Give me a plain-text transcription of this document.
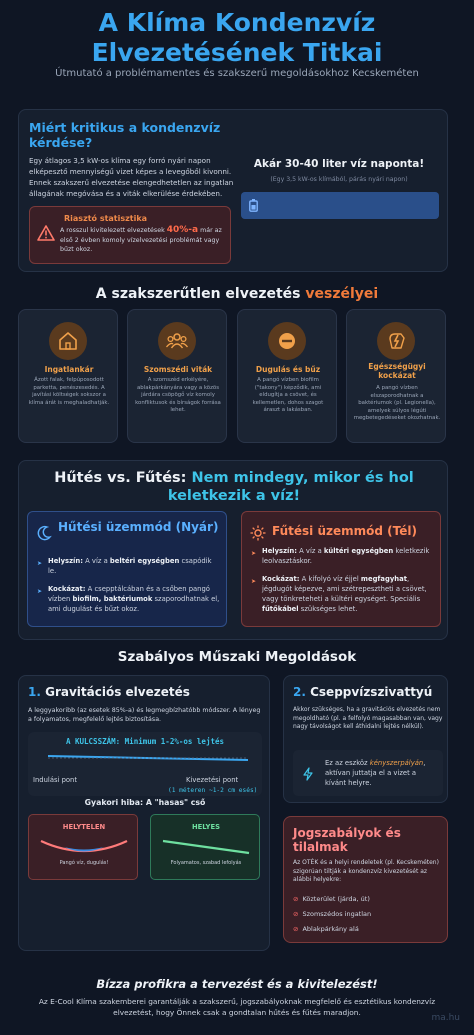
A Klíma Kondenzvíz Elvezetésének Titkai
Útmutató a problémamentes és szakszerű megoldásokhoz Kecskeméten
Miért kritikus a kondenzvíz kérdése?
Egy átlagos 3,5 kW-os klíma egy forró nyári napon elképesztő mennyiségű vizet képes a levegőből kivonni. Ennek szakszerű elvezetése elengedhetetlen az ingatlan állagának megóvása és a viták elkerülése érdekében.
Riasztó statisztika
A rosszul kivitelezett elvezetések 40%-a már az első 2 évben komoly vízelvezetési problémát vagy bűzt okoz.
Akár 30-40 liter víz naponta!
(Egy 3,5 kW-os klímából, párás nyári napon)
A szakszerűtlen elvezetés veszélyei
Ingatlankár
Ázott falak, felpúposodott parketta, penészesedés. A javítási költségek sokszor a klíma árát is meghaladhatják.
Szomszédi viták
A szomszéd erkélyére, ablakpárkányára vagy a közös járdára csöpögő víz komoly konfliktusok és bírságok forrása lehet.
Dugulás és bűz
A pangó vízben biofilm ("takony") képződik, ami eldugítja a csövet, és kellemetlen, dohos szagot áraszt a lakásban.
Egészségügyi kockázat
A pangó vízben elszaporodhatnak a baktériumok (pl. Legionella), amelyek súlyos légúti megbetegedéseket okozhatnak.
Hűtés vs. Fűtés: Nem mindegy, mikor és hol keletkezik a víz!
Hűtési üzemmód (Nyár)
➤ Helyszín: A víz a beltéri egységben csapódik le.
➤ Kockázat: A csepptálcában és a csőben pangó vízben biofilm, baktériumok szaporodhatnak el, ami dugulást és bűzt okoz.
Fűtési üzemmód (Tél)
➤ Helyszín: A víz a kültéri egységben keletkezik leolvasztáskor.
➤ Kockázat: A kifolyó víz éjjel megfagyhat, jégdugót képezve, ami szétrepesztheti a csövet, vagy tönkreteheti a kültéri egységet. Speciális fűtőkábel szükséges lehet.
Szabályos Műszaki Megoldások
1. Gravitációs elvezetés
A leggyakoribb (az esetek 85%-a) és legmegbízhatóbb módszer. A lényeg a folyamatos, megfelelő lejtés biztosítása.
A KULCSSZÁM: Minimum 1-2%-os lejtés
Indulási pont	Kivezetési pont
(1 méteren ~1-2 cm esés)
Gyakori hiba: A "hasas" cső
HELYTELEN
Pangó víz, dugulás!
HELYES
Folyamatos, szabad lefolyás
2. Cseppvízszivattyú
Akkor szükséges, ha a gravitációs elvezetés nem megoldható (pl. a felfolyó magasabban van, vagy nagy távolságot kell áthidalni lejtés nélkül).
Ez az eszköz kényszerpályán, aktívan juttatja el a vizet a kívánt helyre.
Jogszabályok és tilalmak
Az OTÉK és a helyi rendeletek (pl. Kecskeméten) szigorúan tiltják a kondenzvíz kivezetését az alábbi helyekre:
⊘ Közterület (járda, út)
⊘ Szomszédos ingatlan
⊘ Ablakpárkány alá
Bízza profikra a tervezést és a kivitelezést!
Az E-Cool Klíma szakemberei garantálják a szakszerű, jogszabályoknak megfelelő és esztétikus kondenzvíz elvezetést, hogy Önnek csak a gondtalan hűtés és fűtés maradjon.
ma.hu
